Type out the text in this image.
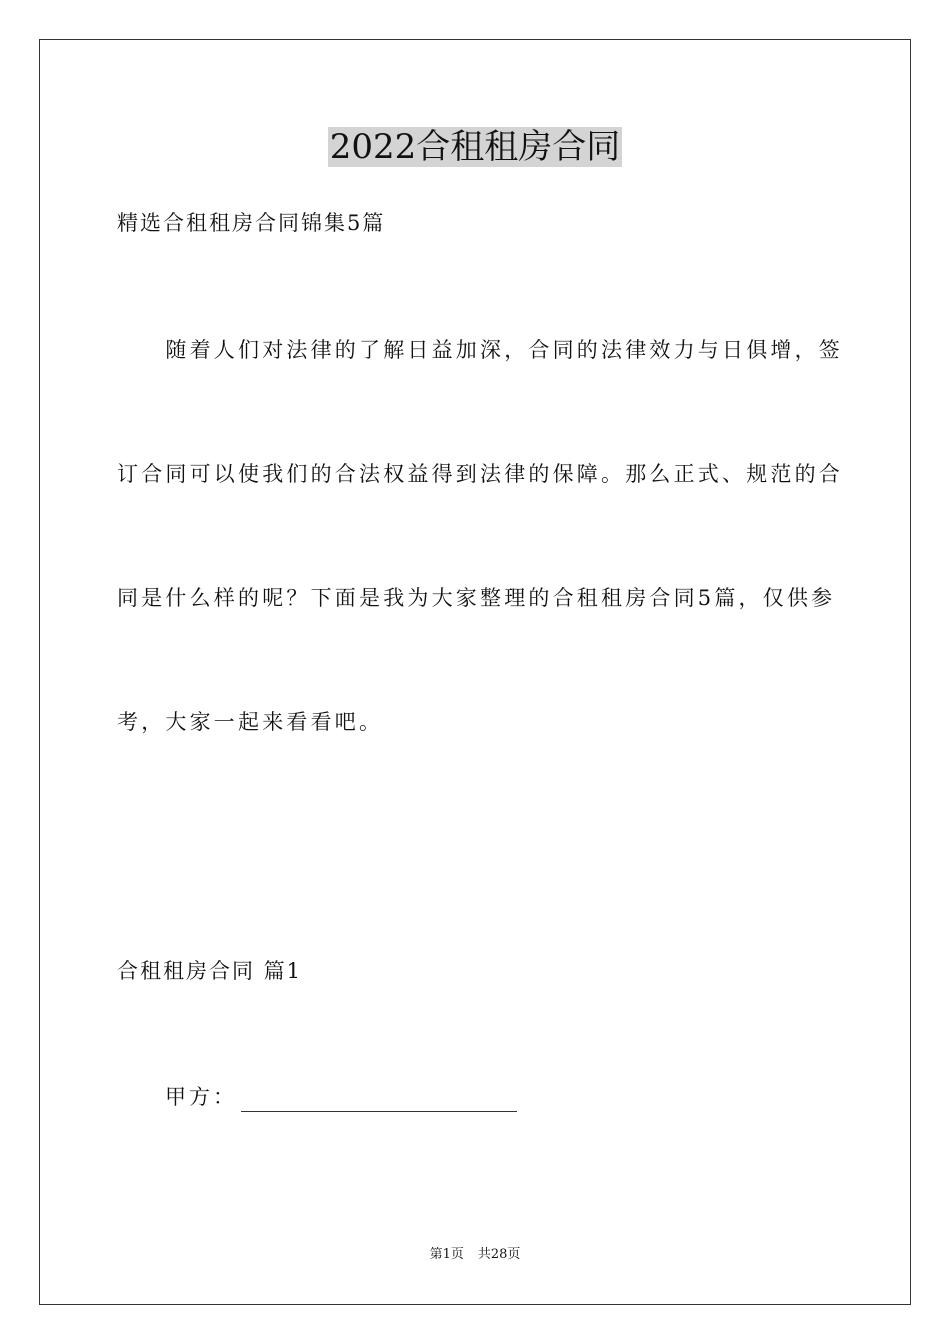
2022合租租房合同
精选合租租房合同锦集5篇
　　随着人们对法律的了解日益加深，合同的法律效力与日俱增，签
订合同可以使我们的合法权益得到法律的保障。那么正式、规范的合
同是什么样的呢？下面是我为大家整理的合租租房合同5篇，仅供参
考，大家一起来看看吧。
合租租房合同 篇1
甲方：
第1页 共28页
